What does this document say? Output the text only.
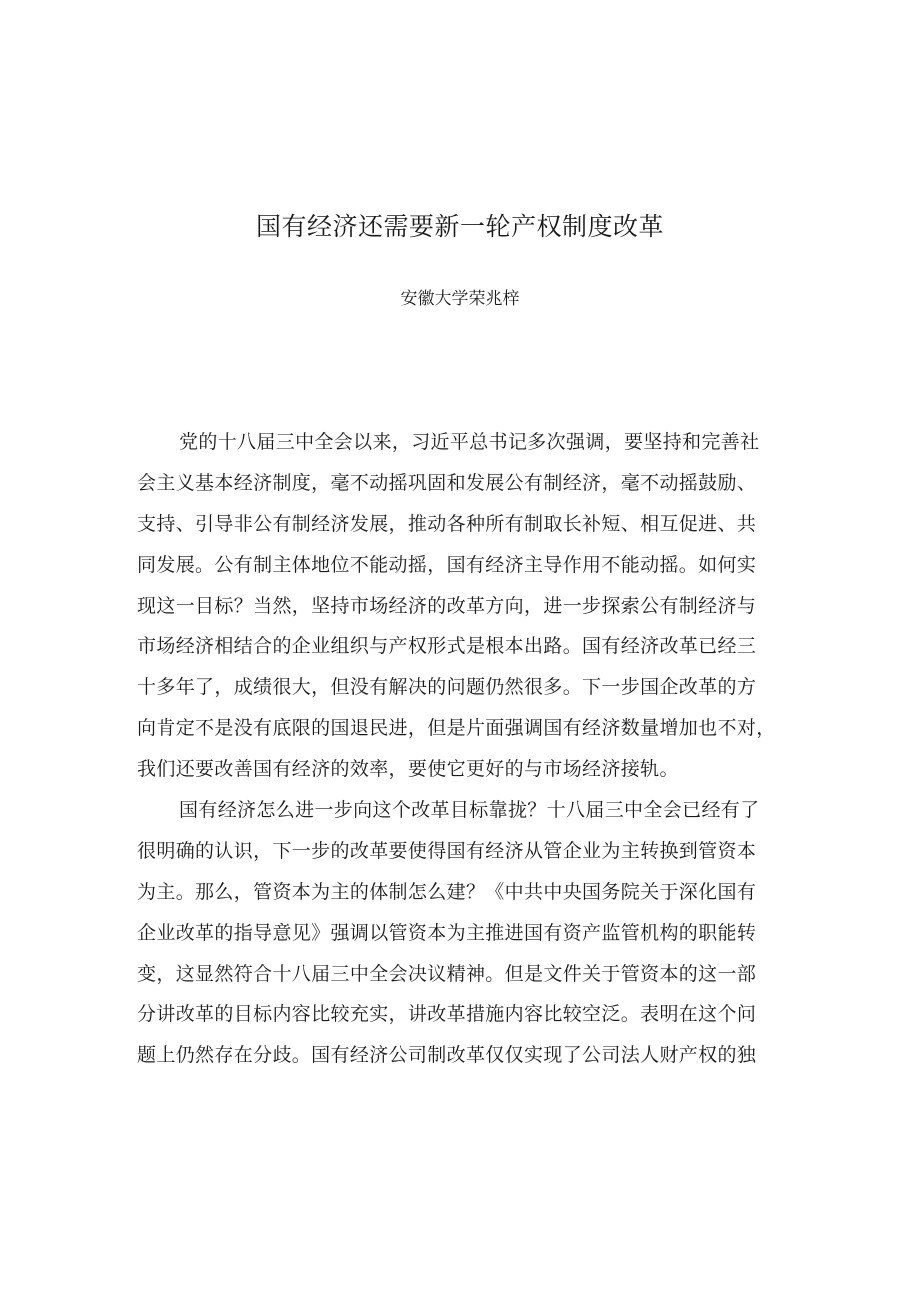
国有经济还需要新一轮产权制度改革

安徽大学荣兆梓

党的十八届三中全会以来，习近平总书记多次强调，要坚持和完善社
会主义基本经济制度，毫不动摇巩固和发展公有制经济，毫不动摇鼓励、
支持、引导非公有制经济发展，推动各种所有制取长补短、相互促进、共
同发展。公有制主体地位不能动摇，国有经济主导作用不能动摇。如何实
现这一目标？当然，坚持市场经济的改革方向，进一步探索公有制经济与
市场经济相结合的企业组织与产权形式是根本出路。国有经济改革已经三
十多年了，成绩很大，但没有解决的问题仍然很多。下一步国企改革的方
向肯定不是没有底限的国退民进，但是片面强调国有经济数量增加也不对，
我们还要改善国有经济的效率，要使它更好的与市场经济接轨。
国有经济怎么进一步向这个改革目标靠拢？十八届三中全会已经有了
很明确的认识，下一步的改革要使得国有经济从管企业为主转换到管资本
为主。那么，管资本为主的体制怎么建？《中共中央国务院关于深化国有
企业改革的指导意见》强调以管资本为主推进国有资产监管机构的职能转
变，这显然符合十八届三中全会决议精神。但是文件关于管资本的这一部
分讲改革的目标内容比较充实，讲改革措施内容比较空泛。表明在这个问
题上仍然存在分歧。国有经济公司制改革仅仅实现了公司法人财产权的独
